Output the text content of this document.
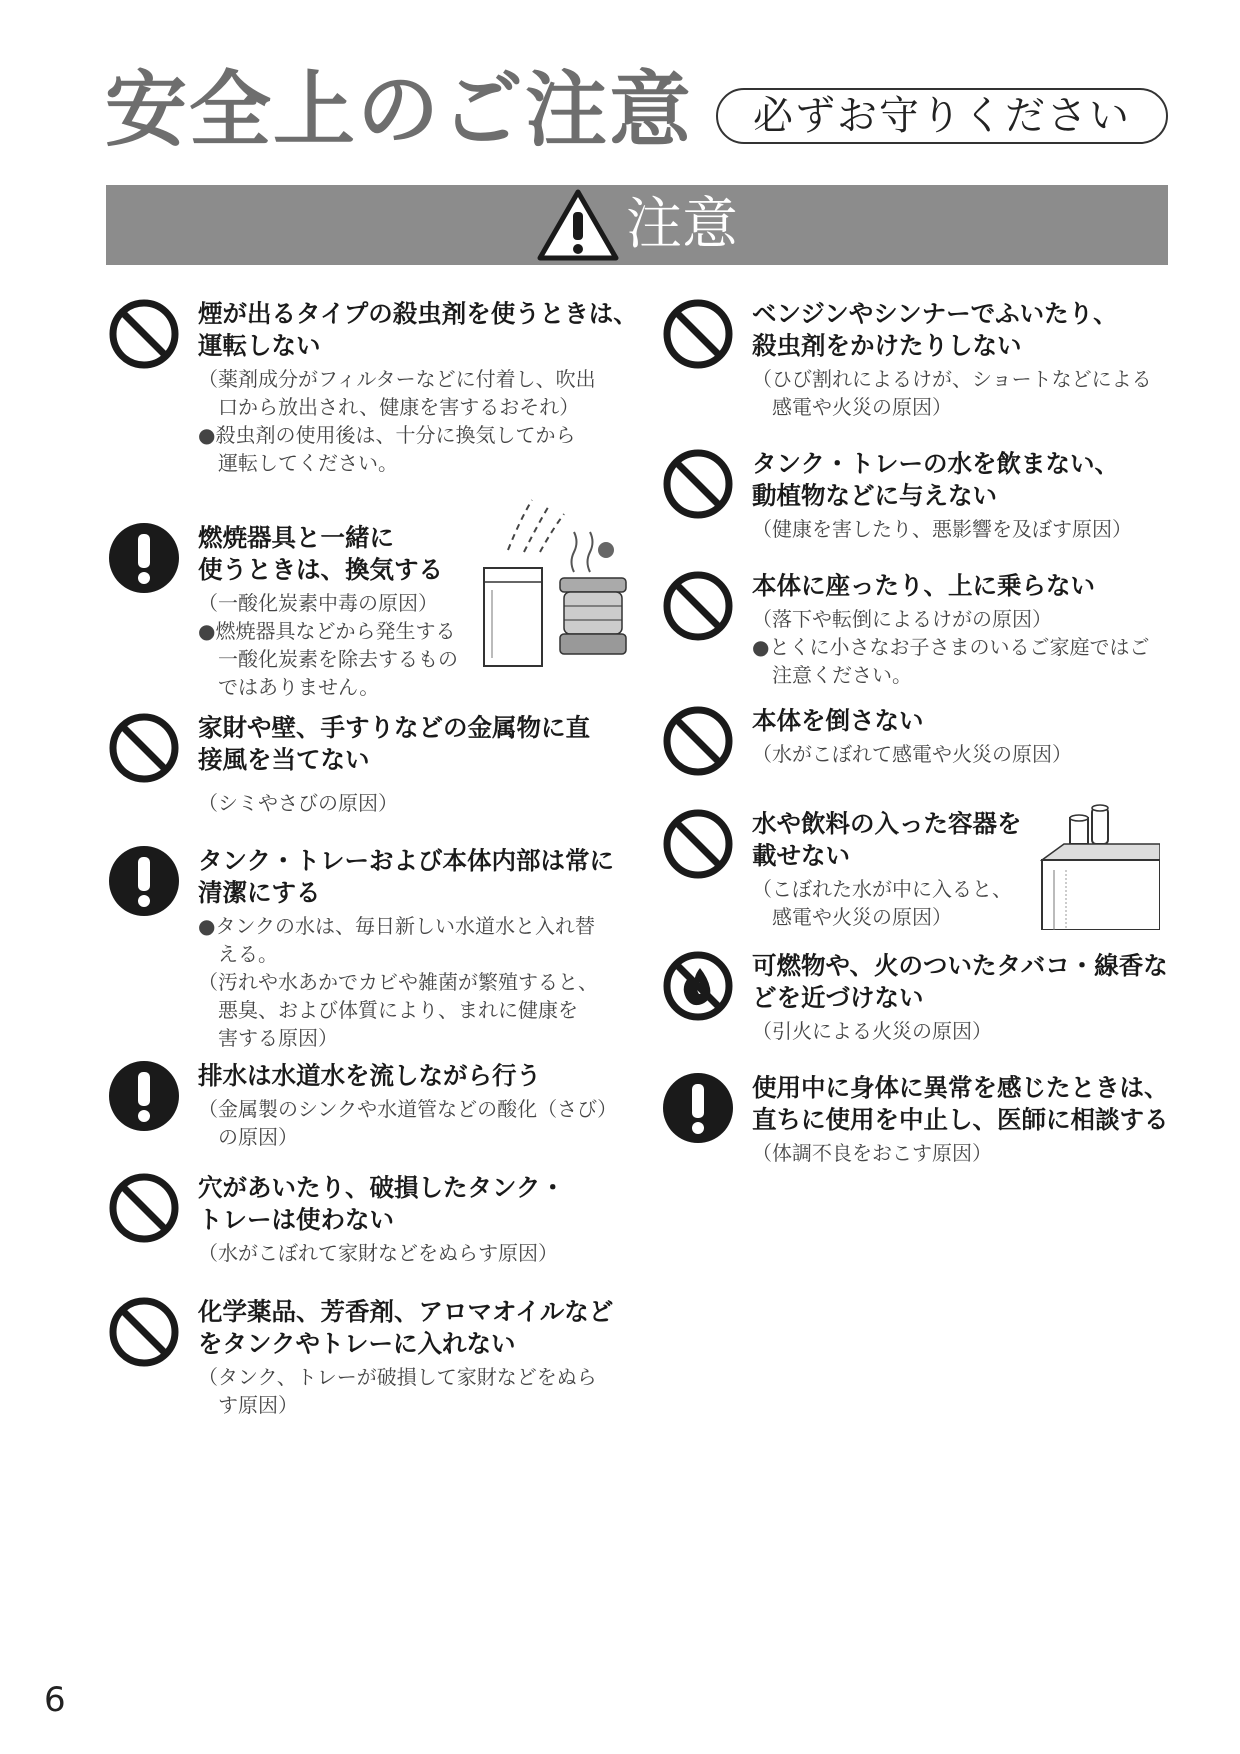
安全上のご注意	必ずお守りください
注意
煙が出るタイプの殺虫剤を使うときは、
運転しない
（薬剤成分がフィルターなどに付着し、吹出
　口から放出され、健康を害するおそれ）
●殺虫剤の使用後は、十分に換気してから
　運転してください。
燃焼器具と一緒に
使うときは、換気する
（一酸化炭素中毒の原因）
●燃焼器具などから発生する
　一酸化炭素を除去するもの
　ではありません。
家財や壁、手すりなどの金属物に直
接風を当てない
（シミやさびの原因）
タンク・トレーおよび本体内部は常に
清潔にする
●タンクの水は、毎日新しい水道水と入れ替
　える。
（汚れや水あかでカビや雑菌が繁殖すると、
　悪臭、および体質により、まれに健康を
　害する原因）
排水は水道水を流しながら行う
（金属製のシンクや水道管などの酸化（さび）
　の原因）
穴があいたり、破損したタンク・
トレーは使わない
（水がこぼれて家財などをぬらす原因）
化学薬品、芳香剤、アロマオイルなど
をタンクやトレーに入れない
（タンク、トレーが破損して家財などをぬら
　す原因）
ベンジンやシンナーでふいたり、
殺虫剤をかけたりしない
（ひび割れによるけが、ショートなどによる
　感電や火災の原因）
タンク・トレーの水を飲まない、
動植物などに与えない
（健康を害したり、悪影響を及ぼす原因）
本体に座ったり、上に乗らない
（落下や転倒によるけがの原因）
●とくに小さなお子さまのいるご家庭ではご
　注意ください。
本体を倒さない
（水がこぼれて感電や火災の原因）
水や飲料の入った容器を
載せない
（こぼれた水が中に入ると、
　感電や火災の原因）
可燃物や、火のついたタバコ・線香な
どを近づけない
（引火による火災の原因）
使用中に身体に異常を感じたときは、
直ちに使用を中止し、医師に相談する
（体調不良をおこす原因）
6
